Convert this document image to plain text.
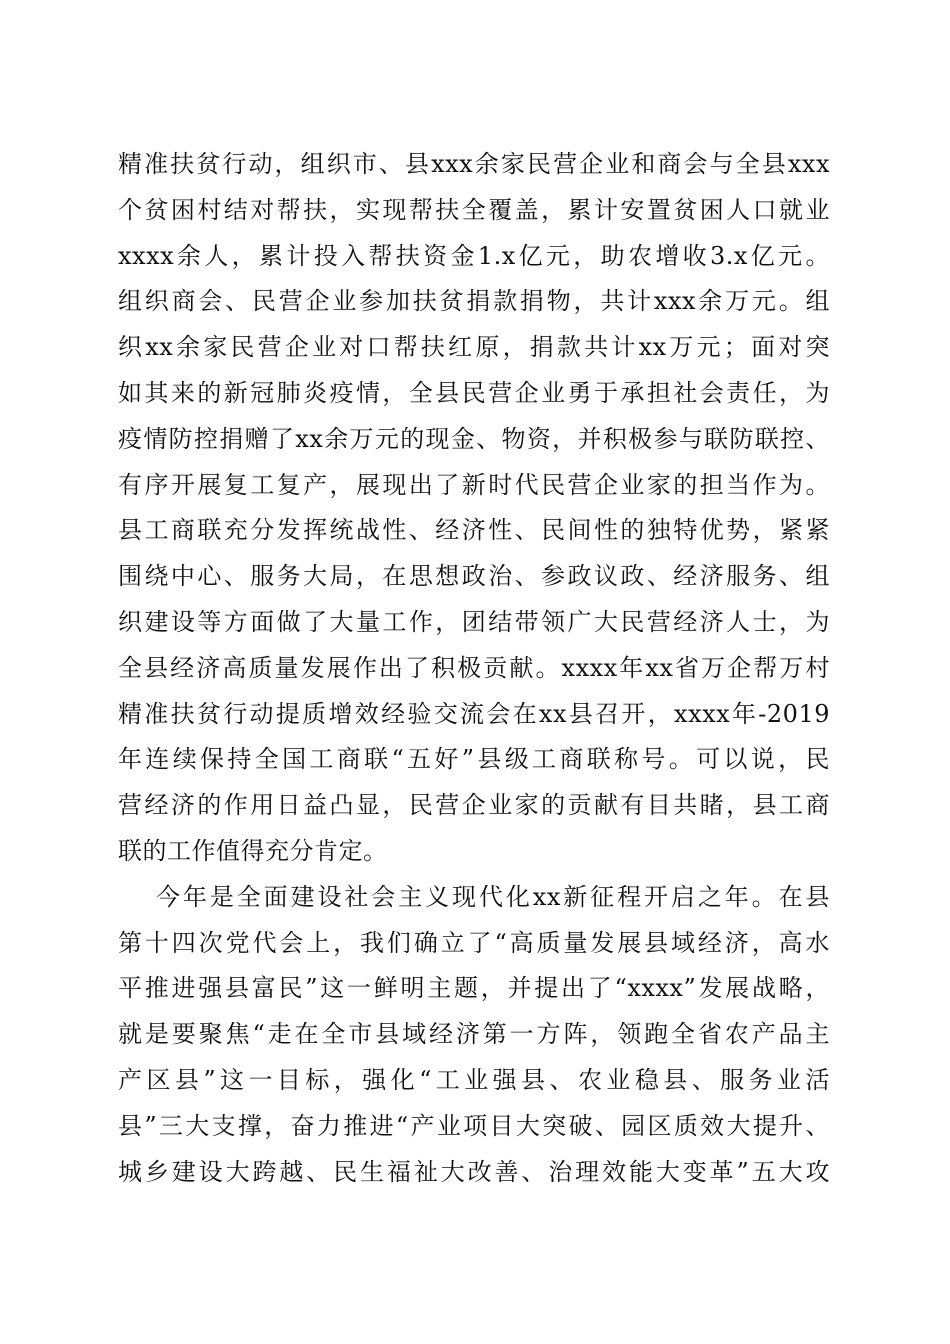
精准扶贫行动，组织市、县xxx余家民营企业和商会与全县xxx
个贫困村结对帮扶，实现帮扶全覆盖，累计安置贫困人口就业
xxxx余人，累计投入帮扶资金1.x亿元，助农增收3.x亿元。
组织商会、民营企业参加扶贫捐款捐物，共计xxx余万元。组
织xx余家民营企业对口帮扶红原，捐款共计xx万元；面对突
如其来的新冠肺炎疫情，全县民营企业勇于承担社会责任，为
疫情防控捐赠了xx余万元的现金、物资，并积极参与联防联控、
有序开展复工复产，展现出了新时代民营企业家的担当作为。
县工商联充分发挥统战性、经济性、民间性的独特优势，紧紧
围绕中心、服务大局，在思想政治、参政议政、经济服务、组
织建设等方面做了大量工作，团结带领广大民营经济人士，为
全县经济高质量发展作出了积极贡献。xxxx年xx省万企帮万村
精准扶贫行动提质增效经验交流会在xx县召开，xxxx年-2019
年连续保持全国工商联“五好”县级工商联称号。可以说，民
营经济的作用日益凸显，民营企业家的贡献有目共睹，县工商
联的工作值得充分肯定。
今年是全面建设社会主义现代化xx新征程开启之年。在县
第十四次党代会上，我们确立了“高质量发展县域经济，高水
平推进强县富民”这一鲜明主题，并提出了“xxxx”发展战略，
就是要聚焦“走在全市县域经济第一方阵，领跑全省农产品主
产区县”这一目标，强化“工业强县、农业稳县、服务业活
县”三大支撑，奋力推进“产业项目大突破、园区质效大提升、
城乡建设大跨越、民生福祉大改善、治理效能大变革”五大攻
